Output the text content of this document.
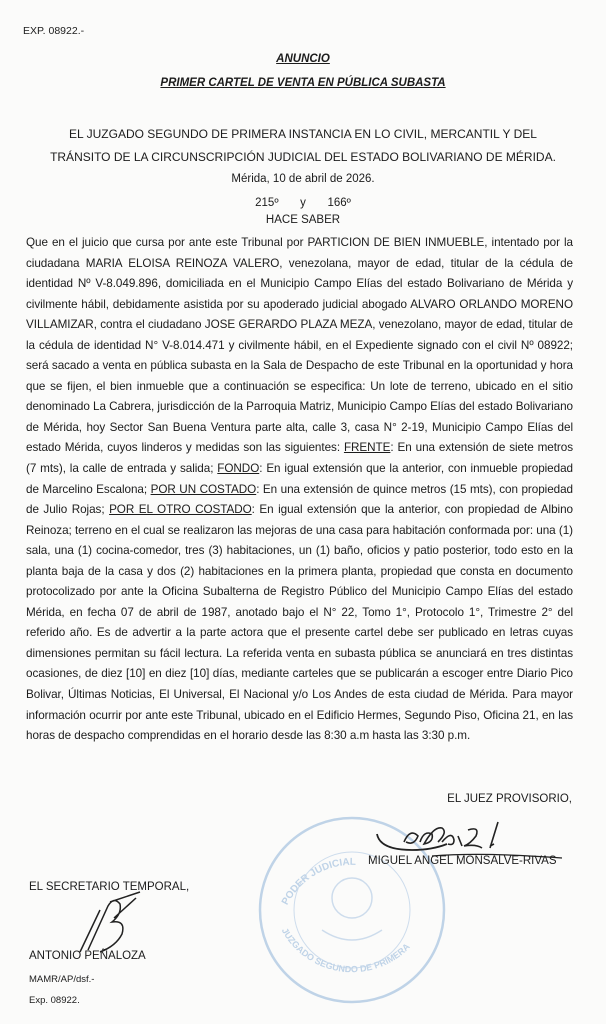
EXP. 08922.-
ANUNCIO
PRIMER CARTEL DE VENTA EN PÚBLICA SUBASTA
EL JUZGADO SEGUNDO DE PRIMERA INSTANCIA EN LO CIVIL, MERCANTIL Y DEL
TRÁNSITO DE LA CIRCUNSCRIPCIÓN JUDICIAL DEL ESTADO BOLIVARIANO DE MÉRIDA.
Mérida, 10 de abril de 2026.
215º   y   166º
HACE SABER

Que en el juicio que cursa por ante este Tribunal por PARTICION DE BIEN INMUEBLE, intentado por la ciudadana MARIA ELOISA REINOZA VALERO, venezolana, mayor de edad, titular de la cédula de identidad Nº V-8.049.896, domiciliada en el Municipio Campo Elías del estado Bolivariano de Mérida y civilmente hábil, debidamente asistida por su apoderado judicial abogado ALVARO ORLANDO MORENO VILLAMIZAR, contra el ciudadano JOSE GERARDO PLAZA MEZA, venezolano, mayor de edad, titular de la cédula de identidad N° V-8.014.471 y civilmente hábil, en el Expediente signado con el civil Nº 08922; será sacado a venta en pública subasta en la Sala de Despacho de este Tribunal en la oportunidad y hora que se fijen, el bien inmueble que a continuación se especifica: Un lote de terreno, ubicado en el sitio denominado La Cabrera, jurisdicción de la Parroquia Matriz, Municipio Campo Elías del estado Bolivariano de Mérida, hoy Sector San Buena Ventura parte alta, calle 3, casa N° 2-19, Municipio Campo Elías del estado Mérida, cuyos linderos y medidas son las siguientes: FRENTE: En una extensión de siete metros (7 mts), la calle de entrada y salida; FONDO: En igual extensión que la anterior, con inmueble propiedad de Marcelino Escalona; POR UN COSTADO: En una extensión de quince metros (15 mts), con propiedad de Julio Rojas; POR EL OTRO COSTADO: En igual extensión que la anterior, con propiedad de Albino Reinoza; terreno en el cual se realizaron las mejoras de una casa para habitación conformada por: una (1) sala, una (1) cocina-comedor, tres (3) habitaciones, un (1) baño, oficios y patio posterior, todo esto en la planta baja de la casa y dos (2) habitaciones en la primera planta, propiedad que consta en documento protocolizado por ante la Oficina Subalterna de Registro Público del Municipio Campo Elías del estado Mérida, en fecha 07 de abril de 1987, anotado bajo el N° 22, Tomo 1°, Protocolo 1°, Trimestre 2° del referido año. Es de advertir a la parte actora que el presente cartel debe ser publicado en letras cuyas dimensiones permitan su fácil lectura. La referida venta en subasta pública se anunciará en tres distintas ocasiones, de diez [10] en diez [10] días, mediante carteles que se publicarán a escoger entre Diario Pico Bolivar, Últimas Noticias, El Universal, El Nacional y/o Los Andes de esta ciudad de Mérida. Para mayor información ocurrir por ante este Tribunal, ubicado en el Edificio Hermes, Segundo Piso, Oficina 21, en las horas de despacho comprendidas en el horario desde las 8:30 a.m hasta las 3:30 p.m.

PODER JUDICIAL
JUZGADO SEGUNDO DE PRIMERA
EL JUEZ PROVISORIO,
MIGUEL ANGEL MONSALVE-RIVAS
EL SECRETARIO TEMPORAL,
ANTONIO PEÑALOZA
MAMR/AP/dsf.-
Exp. 08922.
